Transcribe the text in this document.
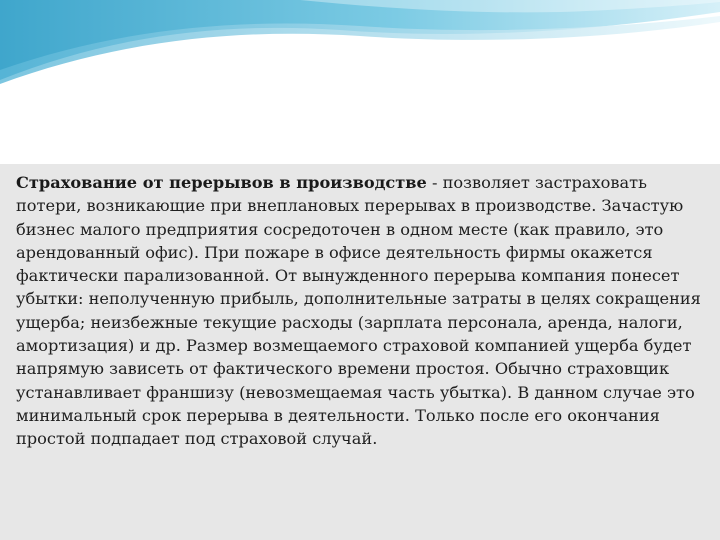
Страхование от перерывов в производстве - позволяет застраховать потери, возникающие при внеплановых перерывах в производстве. Зачастую бизнес малого предприятия сосредоточен в одном месте (как правило, это арендованный офис). При пожаре в офисе деятельность фирмы окажется фактически парализованной. От вынужденного перерыва компания понесет убытки: неполученную прибыль, дополнительные затраты в целях сокращения ущерба; неизбежные текущие расходы (зарплата персонала, аренда, налоги, амортизация) и др. Размер возмещаемого страховой компанией ущерба будет напрямую зависеть от фактического времени простоя. Обычно страховщик устанавливает франшизу (невозмещаемая часть убытка). В данном случае это минимальный срок перерыва в деятельности. Только после его окончания простой подпадает под страховой случай.
